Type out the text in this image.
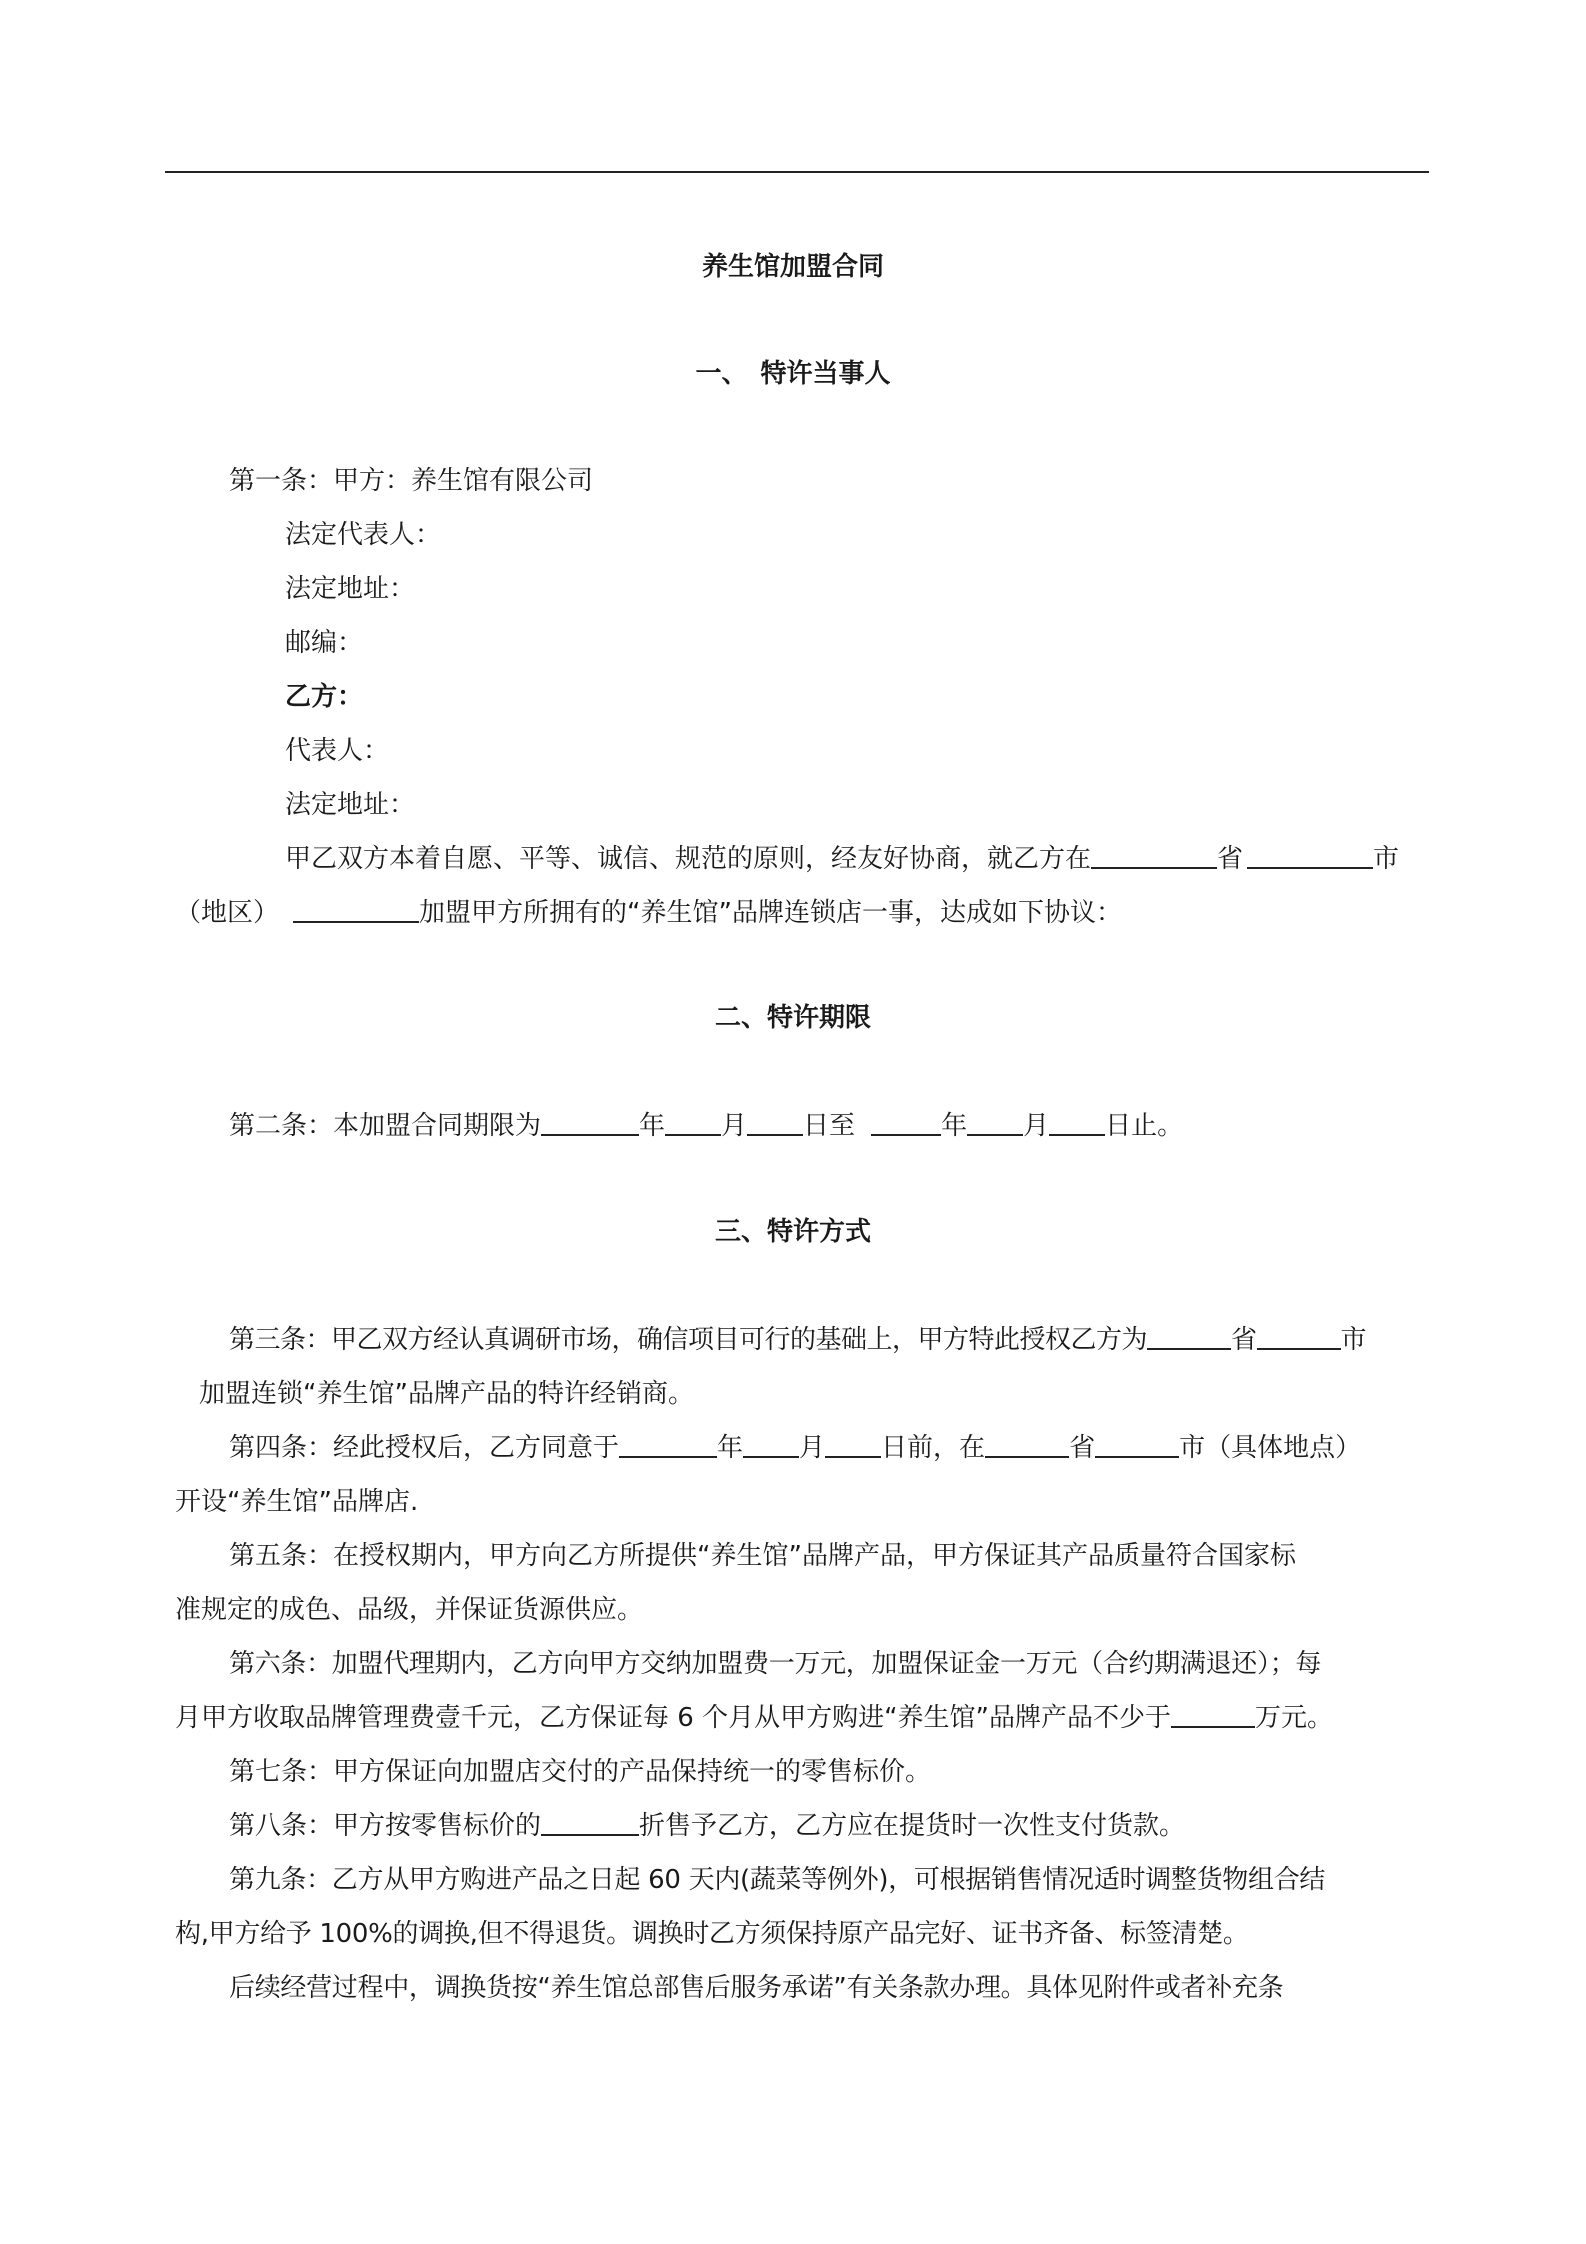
养生馆加盟合同
一、　特许当事人
第一条：甲方：养生馆有限公司
法定代表人：
法定地址：
邮编：
乙方：
代表人：
法定地址：
甲乙双方本着自愿、平等、诚信、规范的原则，经友好协商，就乙方在	省	市
（地区）	加盟甲方所拥有的“养生馆”品牌连锁店一事，达成如下协议：
二、特许期限
第二条：本加盟合同期限为	年 月 日至	年 月 日止。
三、特许方式
第三条：甲乙双方经认真调研市场，确信项目可行的基础上，甲方特此授权乙方为	省	市
加盟连锁“养生馆”品牌产品的特许经销商。
第四条：经此授权后，乙方同意于	年 月 日前，在	省	市（具体地点）
开设“养生馆”品牌店.
第五条：在授权期内，甲方向乙方所提供“养生馆”品牌产品，甲方保证其产品质量符合国家标
准规定的成色、品级，并保证货源供应。
第六条：加盟代理期内，乙方向甲方交纳加盟费一万元，加盟保证金一万元（合约期满退还）；每
月甲方收取品牌管理费壹千元，乙方保证每 6 个月从甲方购进“养生馆”品牌产品不少于	万元。
第七条：甲方保证向加盟店交付的产品保持统一的零售标价。
第八条：甲方按零售标价的	折售予乙方，乙方应在提货时一次性支付货款。
第九条：乙方从甲方购进产品之日起 60 天内(蔬菜等例外)，可根据销售情况适时调整货物组合结
构,甲方给予 100%的调换,但不得退货。调换时乙方须保持原产品完好、证书齐备、标签清楚。
后续经营过程中，调换货按“养生馆总部售后服务承诺”有关条款办理。具体见附件或者补充条
